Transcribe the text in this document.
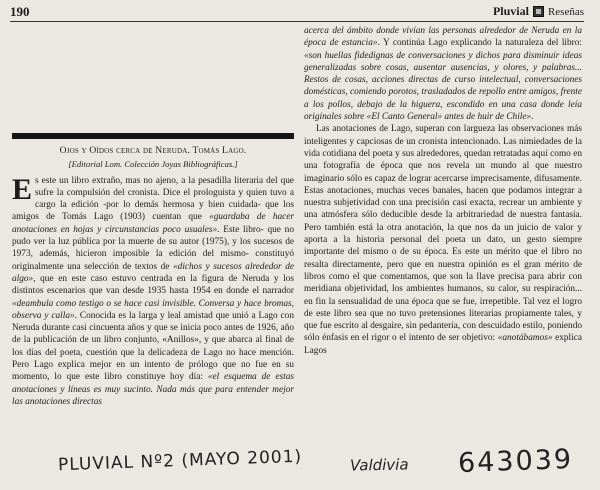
190	Pluvial Reseñas
Ojos y Oídos cerca de Neruda. Tomás Lago.
[Editorial Lom. Colección Joyas Bibliográficas.]

Es este un libro extraño, mas no ajeno, a la pesadilla literaria del que sufre la compulsión del cronista. Dice el prologuista y quien tuvo a cargo la edición -por lo demás hermosa y bien cuidada- que los amigos de Tomás Lago (1903) cuentan que «guardaba de hacer anotaciones en hojas y circunstancias poco usuales». Este libro- que no pudo ver la luz pública por la muerte de su autor (1975), y los sucesos de 1973, además, hicieron imposible la edición del mismo- constituyó originalmente una selección de textos de «dichos y sucesos alrededor de algo», que en este caso estuvo centrada en la figura de Neruda y los distintos escenarios que van desde 1935 hasta 1954 en donde el narrador «deambula como testigo o se hace casi invisible. Conversa y hace bromas, observa y calla». Conocida es la larga y leal amistad que unió a Lago con Neruda durante casi cincuenta años y que se inicia poco antes de 1926, año de la publicación de un libro conjunto, «Anillos», y que abarca al final de los días del poeta, cuestión que la delicadeza de Lago no hace mención. Pero Lago explica mejor en un intento de prólogo que no fue en su momento, lo que este libro constituye hoy día: «el esquema de estas anotaciones y líneas es muy sucinto. Nada más que para entender mejor las anotaciones directas

acerca del ámbito donde vivían las personas alrededor de Neruda en la época de estancia». Y continúa Lago explicando la naturaleza del libro: «son huellas fidedignas de conversaciones y dichos para disminuir ideas generalizadas sobre cosas, ausentar ausencias, y olores, y palabras... Restos de cosas, acciones directas de curso intelectual, conversaciones domésticas, comiendo porotos, trasladados de repollo entre amigos, frente a los pollos, debajo de la higuera, escondido en una casa donde leía originales sobre «El Canto General» antes de huir de Chile».

Las anotaciones de Lago, superan con largueza las observaciones más inteligentes y capciosas de un cronista intencionado. Las nimiedades de la vida cotidiana del poeta y sus alrededores, quedan retratadas aquí como en una fotografía de época que nos revela un mundo al que nuestro imaginario sólo es capaz de lograr acercarse imprecisamente, difusamente. Estas anotaciones, muchas veces banales, hacen que podamos integrar a nuestra subjetividad con una precisión casi exacta, recrear un ambiente y una atmósfera sólo deducible desde la arbitrariedad de nuestra fantasía. Pero también está la otra anotación, la que nos da un juicio de valor y aporta a la historia personal del poeta un dato, un gesto siempre importante del mismo o de su época. Es este un mérito que el libro no resalta directamente, pero que en nuestra opinión es el gran mérito de libros como el que comentamos, que son la llave precisa para abrir con meridiana objetividad, los ambientes humanos, su calor, su respiración... en fin la sensualidad de una época que se fue, irrepetible. Tal vez el logro de este libro sea que no tuvo pretensiones literarias propiamente tales, y que fue escrito al desgaire, sin pedantería, con descuidado estilo, poniendo sólo énfasis en el rigor o el intento de ser objetivo: «anotábamos» explica Lagos

PLUVIAL Nº2 (MAYO 2001)	Valdivia 643039
